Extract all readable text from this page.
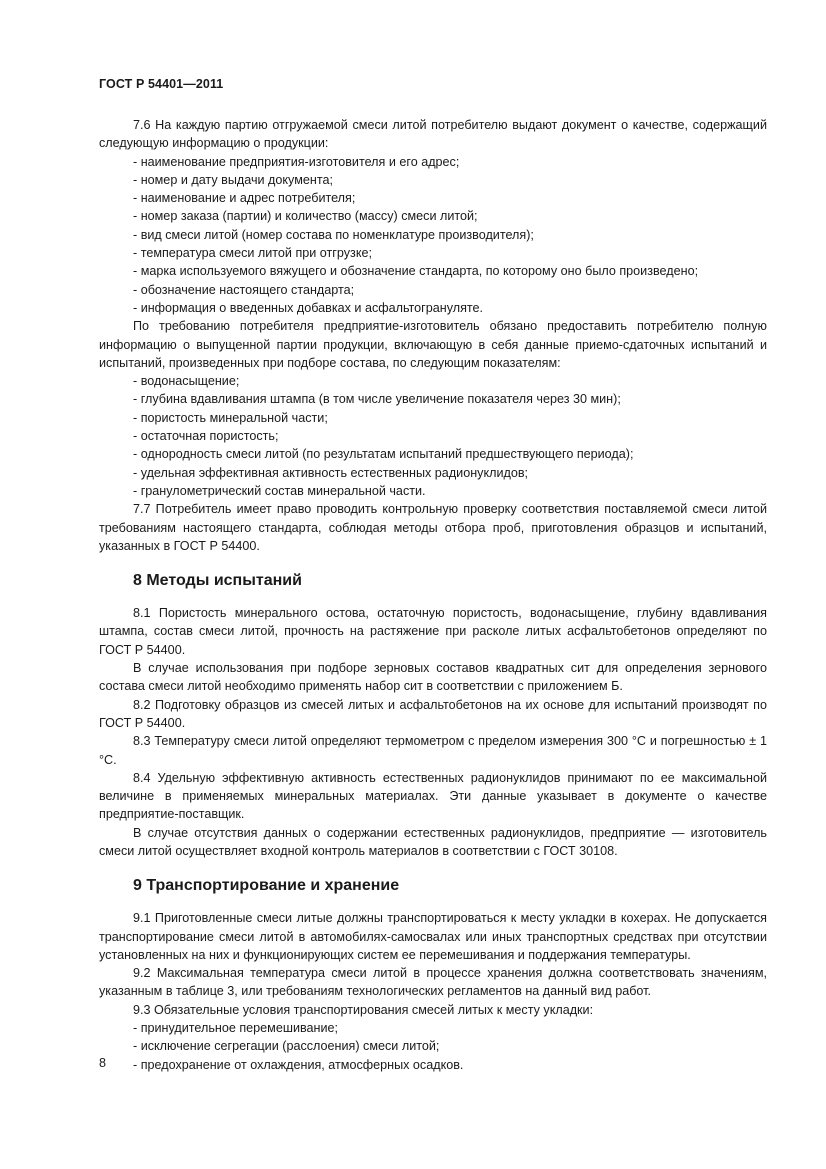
ГОСТ Р 54401—2011

7.6 На каждую партию отгружаемой смеси литой потребителю выдают документ о качестве, содержащий следующую информацию о продукции:

- наименование предприятия-изготовителя и его адрес;

- номер и дату выдачи документа;

- наименование и адрес потребителя;

- номер заказа (партии) и количество (массу) смеси литой;

- вид смеси литой (номер состава по номенклатуре производителя);

- температура смеси литой при отгрузке;

- марка используемого вяжущего и обозначение стандарта, по которому оно было произведено;

- обозначение настоящего стандарта;

- информация о введенных добавках и асфальтогрануляте.

По требованию потребителя предприятие-изготовитель обязано предоставить потребителю полную информацию о выпущенной партии продукции, включающую в себя данные приемо-сдаточных испытаний и испытаний, произведенных при подборе состава, по следующим показателям:

- водонасыщение;

- глубина вдавливания штампа (в том числе увеличение показателя через 30 мин);

- пористость минеральной части;

- остаточная пористость;

- однородность смеси литой (по результатам испытаний предшествующего периода);

- удельная эффективная активность естественных радионуклидов;

- гранулометрический состав минеральной части.

7.7 Потребитель имеет право проводить контрольную проверку соответствия поставляемой смеси литой требованиям настоящего стандарта, соблюдая методы отбора проб, приготовления образцов и испытаний, указанных в ГОСТ Р 54400.

8 Методы испытаний

8.1 Пористость минерального остова, остаточную пористость, водонасыщение, глубину вдавливания штампа, состав смеси литой, прочность на растяжение при расколе литых асфальтобетонов определяют по ГОСТ Р 54400.

В случае использования при подборе зерновых составов квадратных сит для определения зернового состава смеси литой необходимо применять набор сит в соответствии с приложением Б.

8.2 Подготовку образцов из смесей литых и асфальтобетонов на их основе для испытаний производят по ГОСТ Р 54400.

8.3 Температуру смеси литой определяют термометром с пределом измерения 300 °С и погрешностью ± 1 °С.

8.4 Удельную эффективную активность естественных радионуклидов принимают по ее максимальной величине в применяемых минеральных материалах. Эти данные указывает в документе о качестве предприятие-поставщик.

В случае отсутствия данных о содержании естественных радионуклидов, предприятие — изготовитель смеси литой осуществляет входной контроль материалов в соответствии с ГОСТ 30108.

9 Транспортирование и хранение

9.1 Приготовленные смеси литые должны транспортироваться к месту укладки в кохерах. Не допускается транспортирование смеси литой в автомобилях-самосвалах или иных транспортных средствах при отсутствии установленных на них и функционирующих систем ее перемешивания и поддержания температуры.

9.2 Максимальная температура смеси литой в процессе хранения должна соответствовать значениям, указанным в таблице 3, или требованиям технологических регламентов на данный вид работ.

9.3 Обязательные условия транспортирования смесей литых к месту укладки:

- принудительное перемешивание;

- исключение сегрегации (расслоения) смеси литой;

- предохранение от охлаждения, атмосферных осадков.

8
